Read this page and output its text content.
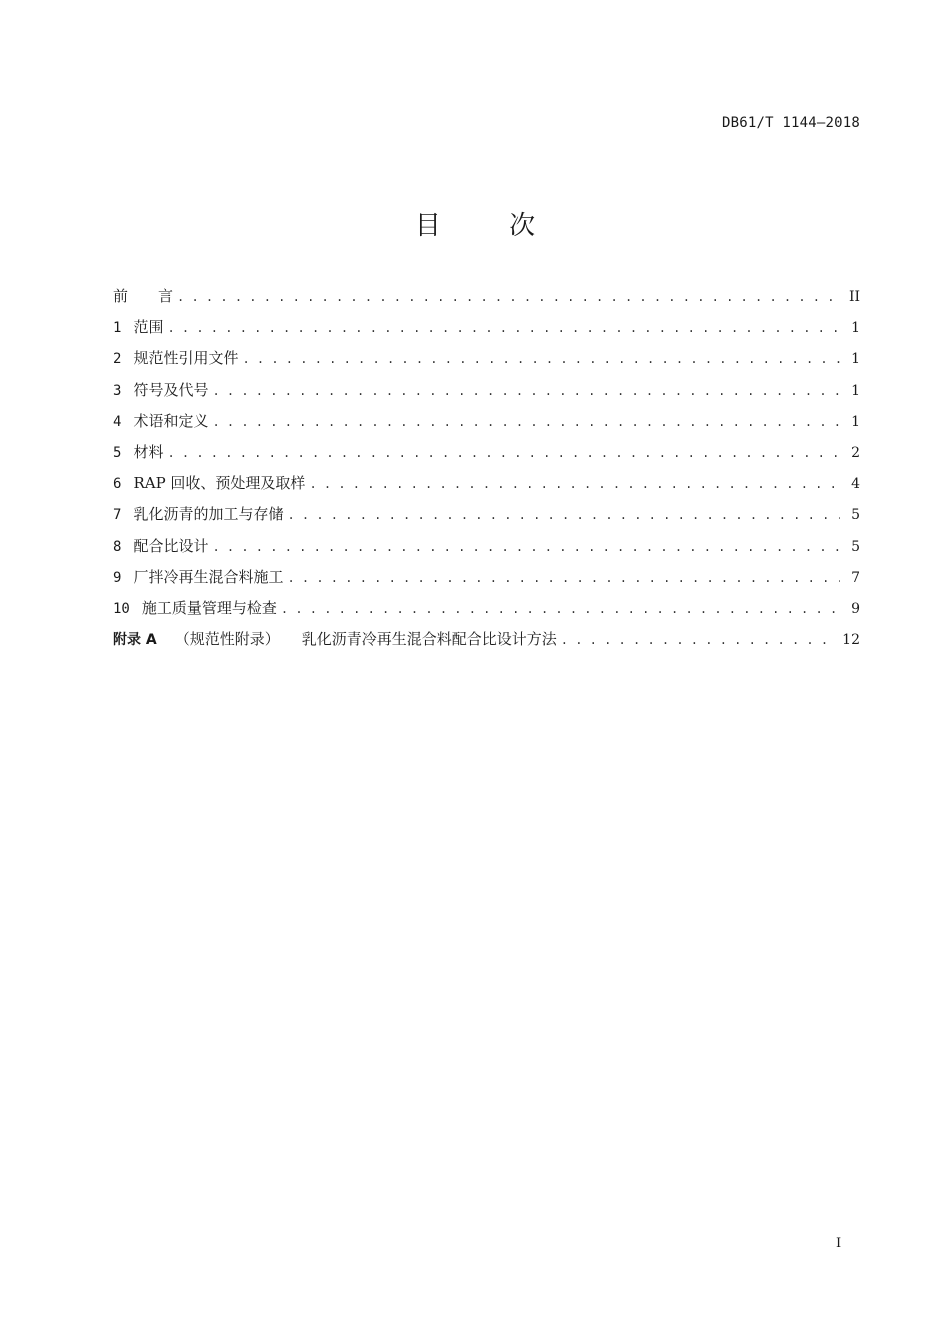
DB61/T 1144—2018
目	次
前言 . . .	II
1 范围 . . .	1
2 规范性引用文件 . . .	1
3 符号及代号 . . .	1
4 术语和定义 . . .	1
5 材料 . . .	2
6 RAP 回收、预处理及取样 . . .	4
7 乳化沥青的加工与存储 . . .	5
8 配合比设计 . . .	5
9 厂拌冷再生混合料施工 . . .	7
10 施工质量管理与检查 . . .	9
附录 A （规范性附录） 乳化沥青冷再生混合料配合比设计方法 . . .	12
I
